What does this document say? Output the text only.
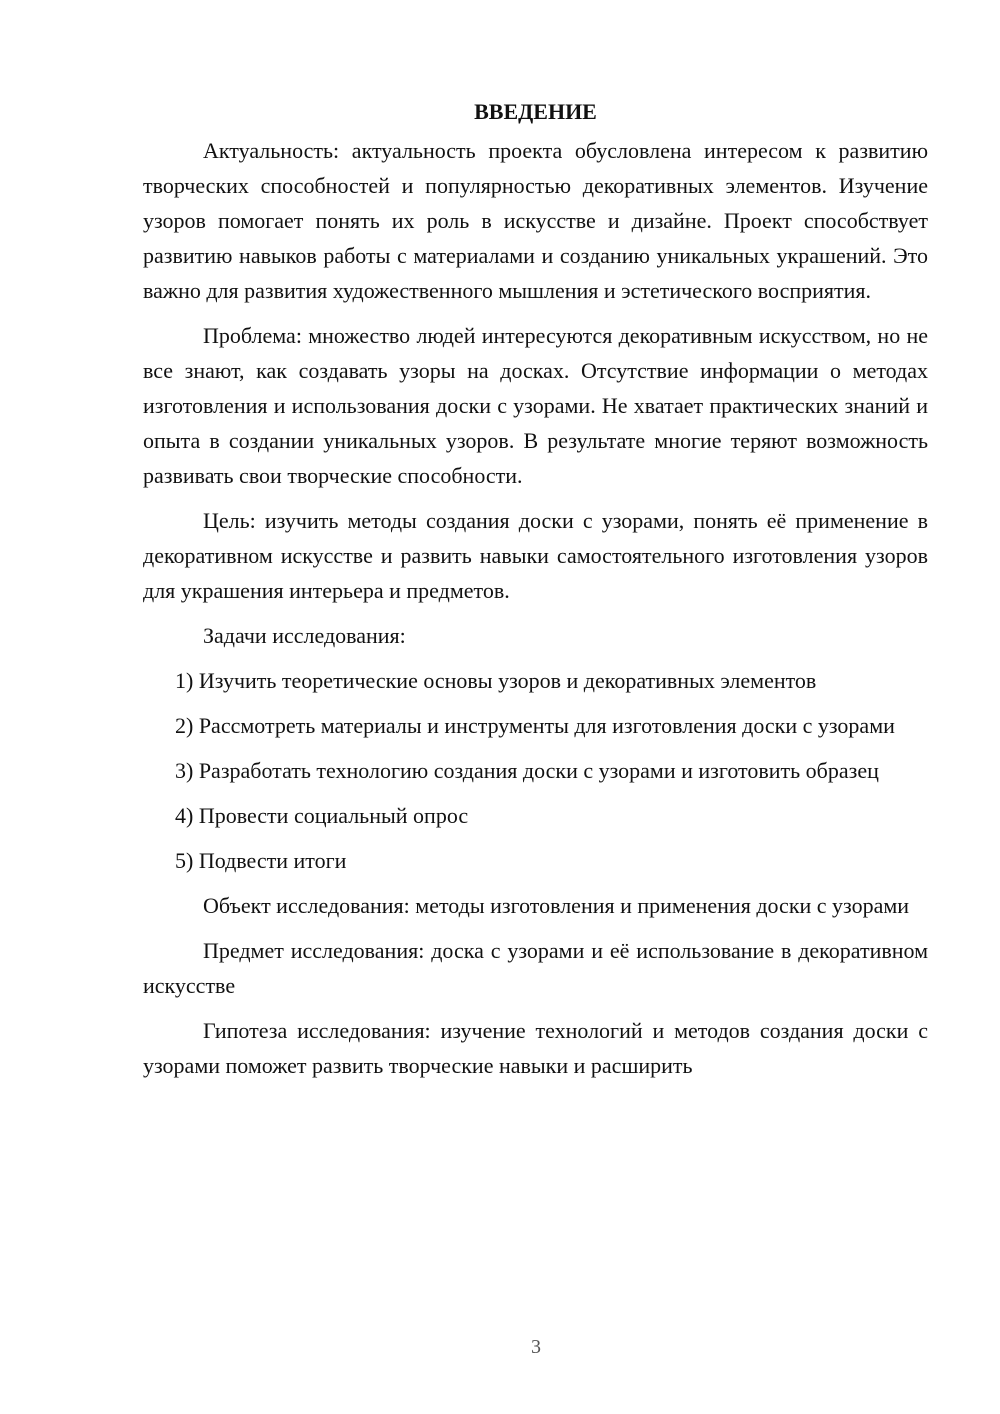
ВВЕДЕНИЕ

Актуальность: актуальность проекта обусловлена интересом к развитию творческих способностей и популярностью декоративных элементов. Изучение узоров помогает понять их роль в искусстве и дизайне. Проект способствует развитию навыков работы с материалами и созданию уникальных украшений. Это важно для развития художественного мышления и эстетического восприятия.

Проблема: множество людей интересуются декоративным искусством, но не все знают, как создавать узоры на досках. Отсутствие информации о методах изготовления и использования доски с узорами. Не хватает практических знаний и опыта в создании уникальных узоров. В результате многие теряют возможность развивать свои творческие способности.

Цель: изучить методы создания доски с узорами, понять её применение в декоративном искусстве и развить навыки самостоятельного изготовления узоров для украшения интерьера и предметов.

Задачи исследования:

1) Изучить теоретические основы узоров и декоративных элементов

2) Рассмотреть материалы и инструменты для изготовления доски с узорами

3) Разработать технологию создания доски с узорами и изготовить образец

4) Провести социальный опрос

5) Подвести итоги

Объект исследования: методы изготовления и применения доски с узорами

Предмет исследования: доска с узорами и её использование в декоративном искусстве

Гипотеза исследования: изучение технологий и методов создания доски с узорами поможет развить творческие навыки и расширить

3
